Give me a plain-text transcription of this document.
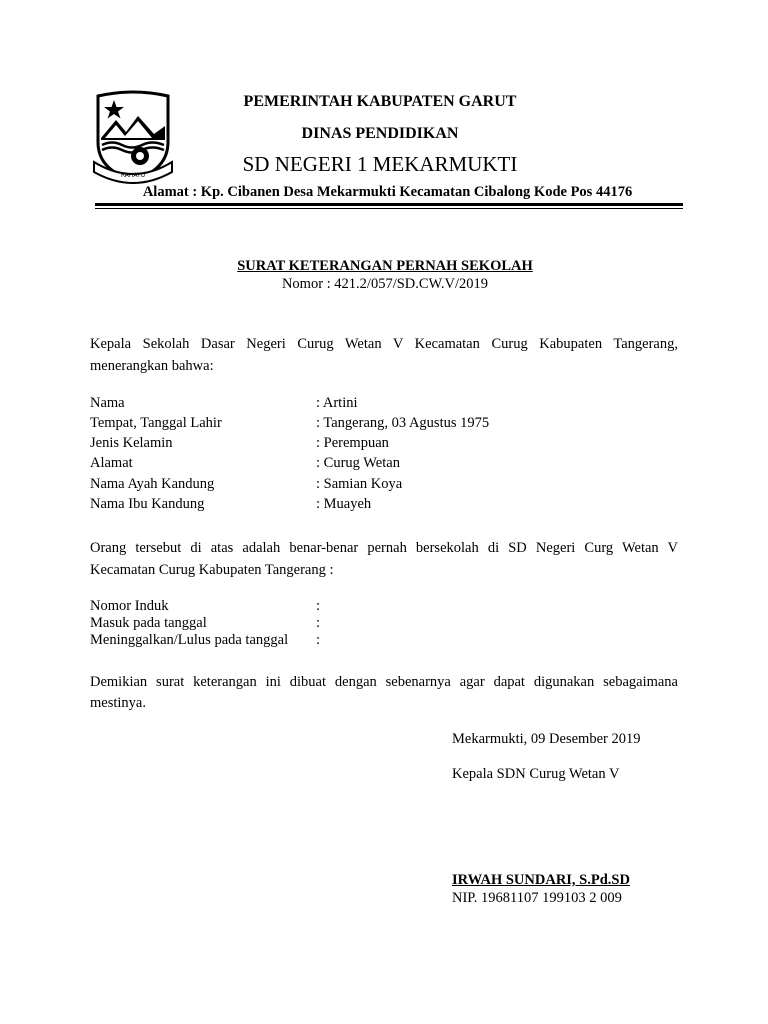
RAHAYU
PEMERINTAH KABUPATEN GARUT
DINAS PENDIDIKAN
SD NEGERI 1 MEKARMUKTI
Alamat : Kp. Cibanen Desa Mekarmukti Kecamatan Cibalong Kode Pos 44176
SURAT KETERANGAN PERNAH SEKOLAH
Nomor : 421.2/057/SD.CW.V/2019
Kepala Sekolah Dasar Negeri Curug Wetan V Kecamatan Curug Kabupaten Tangerang,
menerangkan bahwa:
Nama	: Artini
Tempat, Tanggal Lahir	: Tangerang, 03 Agustus 1975
Jenis Kelamin	: Perempuan
Alamat	: Curug Wetan
Nama Ayah Kandung	: Samian Koya
Nama Ibu Kandung	: Muayeh
Orang tersebut di atas adalah benar-benar pernah bersekolah di SD Negeri Curg Wetan V
Kecamatan Curug Kabupaten Tangerang :
Nomor Induk
:
Masuk pada tanggal
:
Meninggalkan/Lulus pada tanggal
:
Demikian surat keterangan ini dibuat dengan sebenarnya agar dapat digunakan sebagaimana
mestinya.
Mekarmukti, 09 Desember 2019
Kepala SDN Curug Wetan V
IRWAH SUNDARI, S.Pd.SD
NIP. 19681107 199103 2 009
